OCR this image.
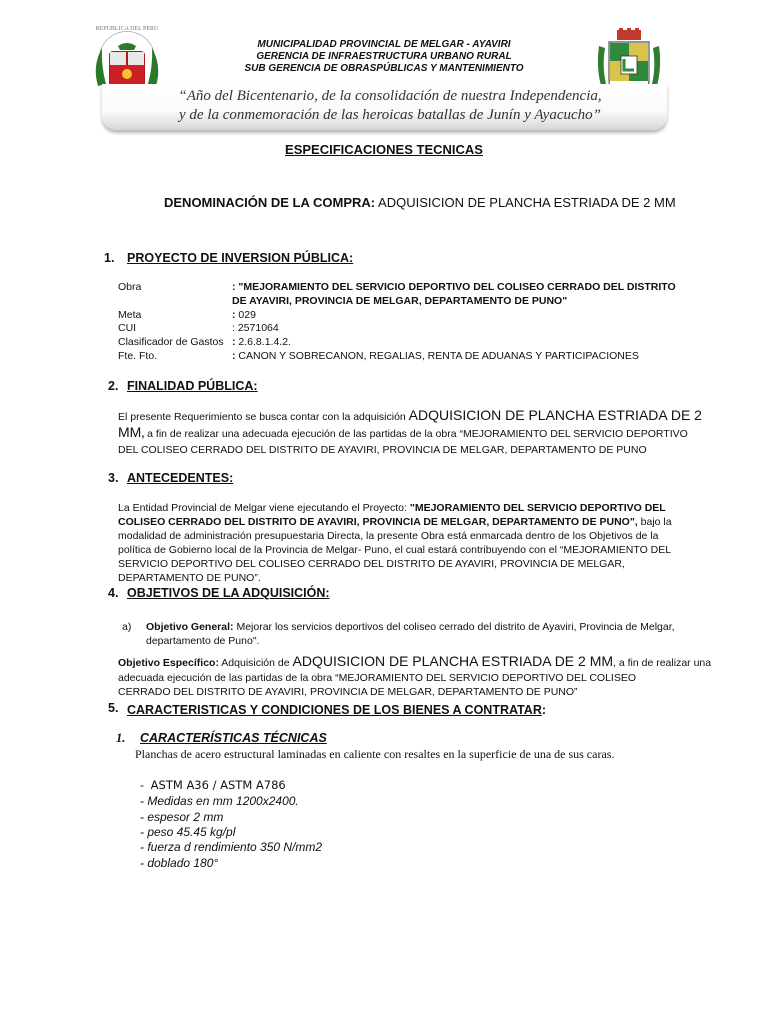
REPUBLICA DEL PERU
MUNICIPALIDAD PROVINCIAL DE MELGAR - AYAVIRI
GERENCIA DE INFRAESTRUCTURA URBANO RURAL
SUB GERENCIA DE OBRASPÚBLICAS Y MANTENIMIENTO
“Año del Bicentenario, de la consolidación de nuestra Independencia,
y de la conmemoración de las heroicas batallas de Junín y Ayacucho”
ESPECIFICACIONES TECNICAS
DENOMINACIÓN DE LA COMPRA: ADQUISICION DE PLANCHA ESTRIADA DE 2 MM
1. PROYECTO DE INVERSION PÚBLICA:
Obra	: "MEJORAMIENTO DEL SERVICIO DEPORTIVO DEL COLISEO CERRADO DEL DISTRITO
DE AYAVIRI, PROVINCIA DE MELGAR, DEPARTAMENTO DE PUNO"
Meta	: 029
CUI	: 2571064
Clasificador de Gastos : 2.6.8.1.4.2.
Fte. Fto.	: CANON Y SOBRECANON, REGALIAS, RENTA DE ADUANAS Y PARTICIPACIONES
2. FINALIDAD PÚBLICA:
El presente Requerimiento se busca contar con la adquisición ADQUISICION DE PLANCHA ESTRIADA DE 2
MM, a fin de realizar una adecuada ejecución de las partidas de la obra “MEJORAMIENTO DEL SERVICIO DEPORTIVO
DEL COLISEO CERRADO DEL DISTRITO DE AYAVIRI, PROVINCIA DE MELGAR, DEPARTAMENTO DE PUNO
3. ANTECEDENTES:
La Entidad Provincial de Melgar viene ejecutando el Proyecto: "MEJORAMIENTO DEL SERVICIO DEPORTIVO DEL
COLISEO CERRADO DEL DISTRITO DE AYAVIRI, PROVINCIA DE MELGAR, DEPARTAMENTO DE PUNO", bajo la
modalidad de administración presupuestaria Directa, la presente Obra está enmarcada dentro de los Objetivos de la
política de Gobierno local de la Provincia de Melgar- Puno, el cual estará contribuyendo con el “MEJORAMIENTO DEL
SERVICIO DEPORTIVO DEL COLISEO CERRADO DEL DISTRITO DE AYAVIRI, PROVINCIA DE MELGAR,
DEPARTAMENTO DE PUNO”.
4. OBJETIVOS DE LA ADQUISICIÓN:
a) Objetivo General: Mejorar los servicios deportivos del coliseo cerrado del distrito de Ayaviri, Provincia de Melgar,
departamento de Puno".
Objetivo Específico: Adquisición de ADQUISICION DE PLANCHA ESTRIADA DE 2 MM, a fin de realizar una
adecuada ejecución de las partidas de la obra “MEJORAMIENTO DEL SERVICIO DEPORTIVO DEL COLISEO
CERRADO DEL DISTRITO DE AYAVIRI, PROVINCIA DE MELGAR, DEPARTAMENTO DE PUNO”
5. CARACTERISTICAS Y CONDICIONES DE LOS BIENES A CONTRATAR:
1. CARACTERÍSTICAS TÉCNICAS
Planchas de acero estructural laminadas en caliente con resaltes en la superficie de una de sus caras.
- ASTM A36 / ASTM A786
- Medidas en mm 1200x2400.
- espesor 2 mm
- peso 45.45 kg/pl
- fuerza d rendimiento 350 N/mm2
- doblado 180°
